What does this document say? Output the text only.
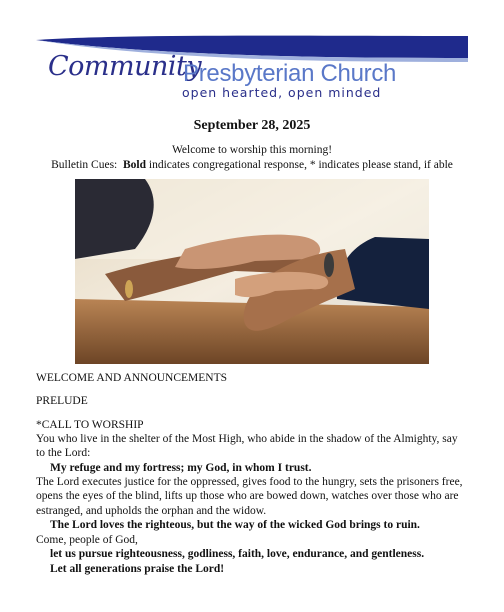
Community
Presbyterian Church
open hearted, open minded
September 28, 2025
Welcome to worship this morning!
Bulletin Cues: Bold indicates congregational response, * indicates please stand, if able
WELCOME AND ANNOUNCEMENTS
PRELUDE
*CALL TO WORSHIP
You who live in the shelter of the Most High, who abide in the shadow of the Almighty, say to the Lord:
My refuge and my fortress; my God, in whom I trust.
The Lord executes justice for the oppressed, gives food to the hungry, sets the prisoners free, opens the eyes of the blind, lifts up those who are bowed down, watches over those who are estranged, and upholds the orphan and the widow.
The Lord loves the righteous, but the way of the wicked God brings to ruin.
Come, people of God,
let us pursue righteousness, godliness, faith, love, endurance, and gentleness.
Let all generations praise the Lord!
